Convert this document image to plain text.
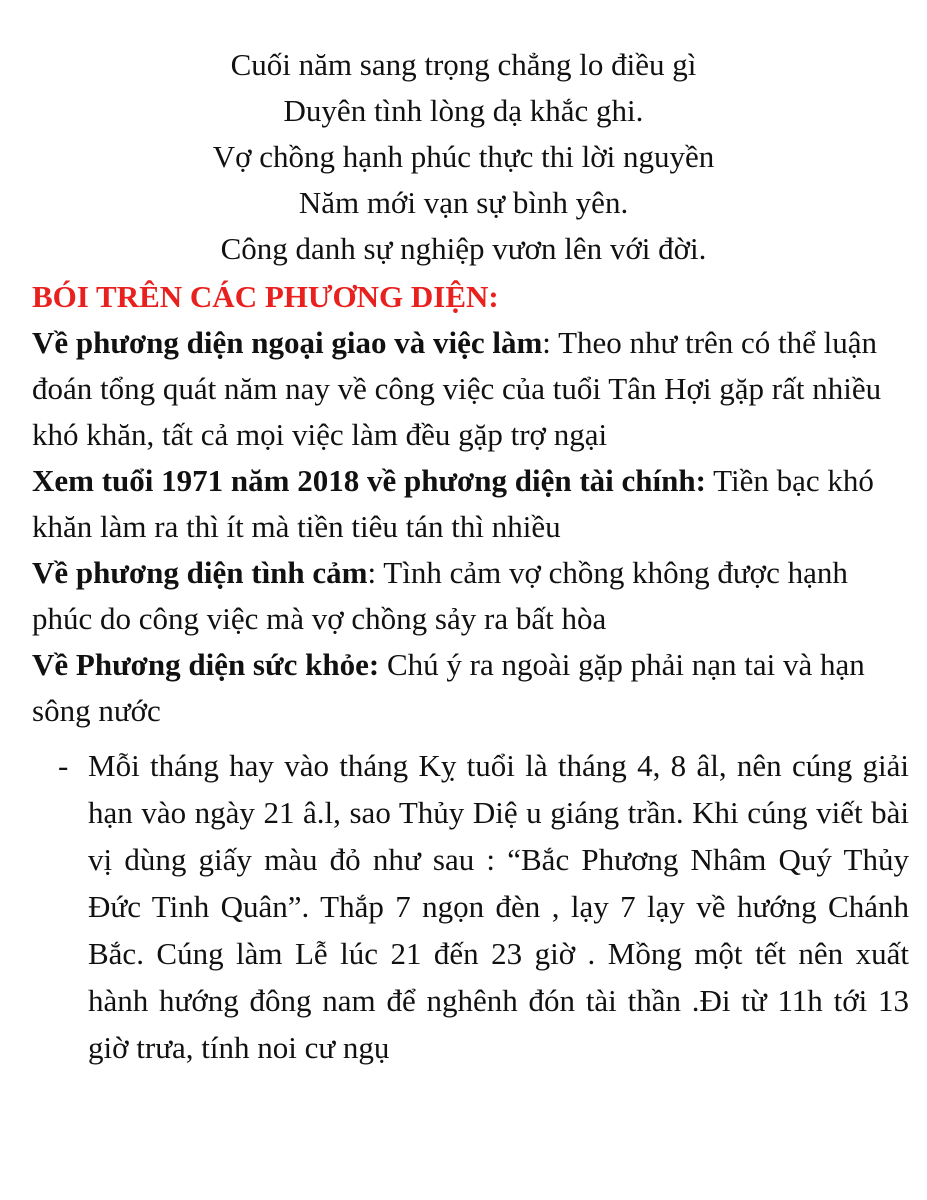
Cuối năm sang trọng chẳng lo điều gì
Duyên tình lòng dạ khắc ghi.
Vợ chồng hạnh phúc thực thi lời nguyền
Năm mới vạn sự bình yên.
Công danh sự nghiệp vươn lên với đời.
BÓI TRÊN CÁC PHƯƠNG DIỆN:

Về phương diện ngoại giao và việc làm: Theo như trên có thể luận đoán tổng quát năm nay về công việc của tuổi Tân Hợi gặp rất nhiều khó khăn, tất cả mọi việc làm đều gặp trợ ngại

Xem tuổi 1971 năm 2018 về phương diện tài chính: Tiền bạc khó khăn làm ra thì ít mà tiền tiêu tán thì nhiều

Về phương diện tình cảm: Tình cảm vợ chồng không được hạnh phúc do công việc mà vợ chồng sảy ra bất hòa

Về Phương diện sức khỏe: Chú ý ra ngoài gặp phải nạn tai và hạn sông nước

- Mỗi tháng hay vào tháng Kỵ tuổi là tháng 4, 8 âl, nên cúng giải hạn vào ngày 21 â.l, sao Thủy Diệ u giáng trần. Khi cúng viết bài vị dùng giấy màu đỏ như sau : “Bắc Phương Nhâm Quý Thủy Đức Tinh Quân”. Thắp 7 ngọn đèn , lạy 7 lạy về hướng Chánh Bắc. Cúng làm Lễ lúc 21 đến 23 giờ . Mồng một tết nên xuất hành hướng đông nam để nghênh đón tài thần .Đi từ 11h tới 13 giờ trưa, tính noi cư ngụ
